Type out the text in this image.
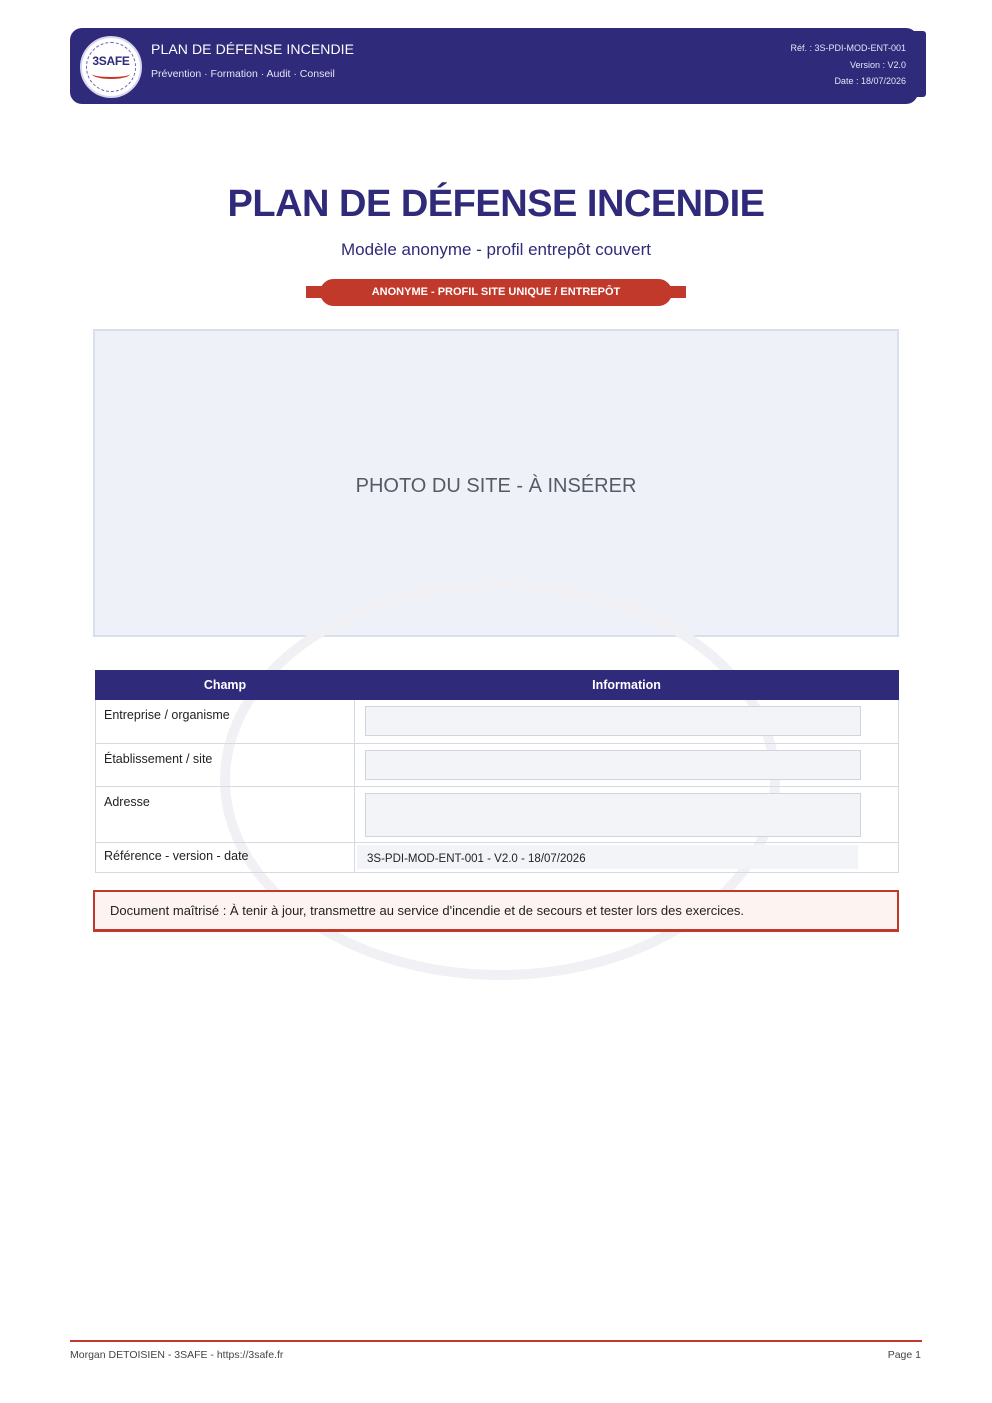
3SAFE
PLAN DE DÉFENSE INCENDIE
Prévention · Formation · Audit · Conseil
Réf. : 3S-PDI-MOD-ENT-001
Version : V2.0
Date : 18/07/2026
PLAN DE DÉFENSE INCENDIE
Modèle anonyme - profil entrepôt couvert
ANONYME - PROFIL SITE UNIQUE / ENTREPÔT
PHOTO DU SITE - À INSÉRER
Champ	Information

Entreprise / organisme	

Établissement / site	

Adresse	

Référence - version - date	3S-PDI-MOD-ENT-001 - V2.0 - 18/07/2026
Document maîtrisé : À tenir à jour, transmettre au service d'incendie et de secours et tester lors des exercices.
Morgan DETOISIEN - 3SAFE - https://3safe.fr	Page 1
